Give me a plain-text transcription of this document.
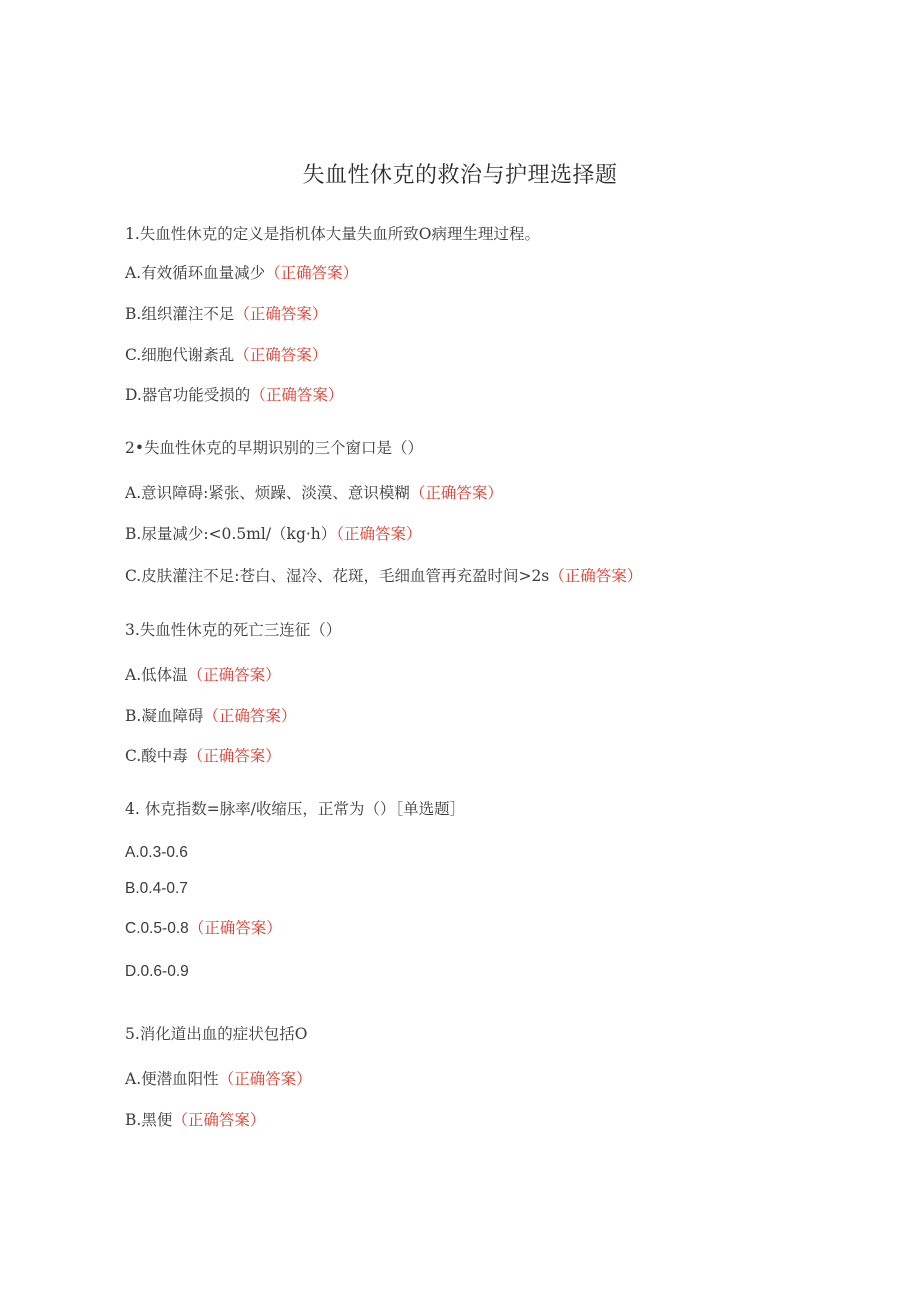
失血性休克的救治与护理选择题
1.失血性休克的定义是指机体大量失血所致O病理生理过程。
A.有效循环血量减少（正确答案）
B.组织灌注不足（正确答案）
C.细胞代谢紊乱（正确答案）
D.器官功能受损的（正确答案）
2•失血性休克的早期识别的三个窗口是（）
A.意识障碍:紧张、烦躁、淡漠、意识模糊（正确答案）
B.尿量减少:<0.5ml/（kg·h）（正确答案）
C.皮肤灌注不足:苍白、湿冷、花斑，毛细血管再充盈时间>2s（正确答案）
3.失血性休克的死亡三连征（）
A.低体温（正确答案）
B.凝血障碍（正确答案）
C.酸中毒（正确答案）
4. 休克指数=脉率/收缩压，正常为（）［单选题］
A.0.3-0.6
B.0.4-0.7
C.0.5-0.8（正确答案）
D.0.6-0.9
5.消化道出血的症状包括O
A.便潜血阳性（正确答案）
B.黑便（正确答案）
